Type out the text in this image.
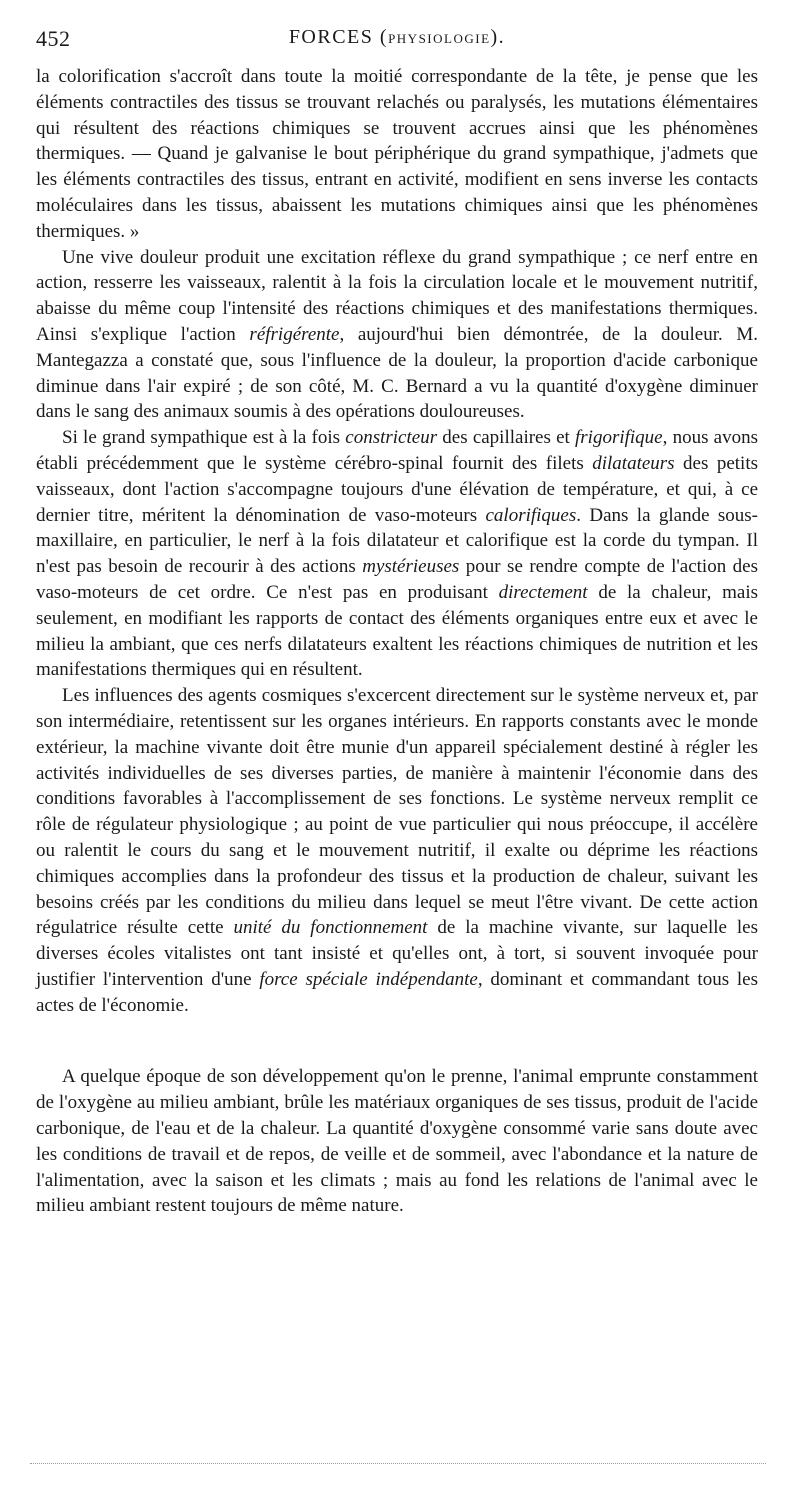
452	FORCES (PHYSIOLOGIE).

la colorification s'accroît dans toute la moitié correspondante de la tête, je pense que les éléments contractiles des tissus se trouvant relachés ou paralysés, les mutations élémentaires qui résultent des réactions chimiques se trouvent accrues ainsi que les phénomènes thermiques. — Quand je galvanise le bout périphérique du grand sympathique, j'admets que les éléments contractiles des tissus, entrant en activité, modifient en sens inverse les contacts moléculaires dans les tissus, abaissent les mutations chimiques ainsi que les phénomènes thermiques. »

Une vive douleur produit une excitation réflexe du grand sympathique ; ce nerf entre en action, resserre les vaisseaux, ralentit à la fois la circulation locale et le mouvement nutritif, abaisse du même coup l'intensité des réactions chimiques et des manifestations thermiques. Ainsi s'explique l'action réfrigérente, aujourd'hui bien démontrée, de la douleur. M. Mantegazza a constaté que, sous l'influence de la douleur, la proportion d'acide carbonique diminue dans l'air expiré ; de son côté, M. C. Bernard a vu la quantité d'oxygène diminuer dans le sang des animaux soumis à des opérations douloureuses.

Si le grand sympathique est à la fois constricteur des capillaires et frigorifique, nous avons établi précédemment que le système cérébro-spinal fournit des filets dilatateurs des petits vaisseaux, dont l'action s'accompagne toujours d'une élévation de température, et qui, à ce dernier titre, méritent la dénomination de vaso-moteurs calorifiques. Dans la glande sous-maxillaire, en particulier, le nerf à la fois dilatateur et calorifique est la corde du tympan. Il n'est pas besoin de recourir à des actions mystérieuses pour se rendre compte de l'action des vaso-moteurs de cet ordre. Ce n'est pas en produisant directement de la chaleur, mais seulement, en modifiant les rapports de contact des éléments organiques entre eux et avec le milieu la ambiant, que ces nerfs dilatateurs exaltent les réactions chimiques de nutrition et les manifestations thermiques qui en résultent.

Les influences des agents cosmiques s'excercent directement sur le système nerveux et, par son intermédiaire, retentissent sur les organes intérieurs. En rapports constants avec le monde extérieur, la machine vivante doit être munie d'un appareil spécialement destiné à régler les activités individuelles de ses diverses parties, de manière à maintenir l'économie dans des conditions favorables à l'accomplissement de ses fonctions. Le système nerveux remplit ce rôle de régulateur physiologique ; au point de vue particulier qui nous préoccupe, il accélère ou ralentit le cours du sang et le mouvement nutritif, il exalte ou déprime les réactions chimiques accomplies dans la profondeur des tissus et la production de chaleur, suivant les besoins créés par les conditions du milieu dans lequel se meut l'être vivant. De cette action régulatrice résulte cette unité du fonctionnement de la machine vivante, sur laquelle les diverses écoles vitalistes ont tant insisté et qu'elles ont, à tort, si souvent invoquée pour justifier l'intervention d'une force spéciale indépendante, dominant et commandant tous les actes de l'économie.

A quelque époque de son développement qu'on le prenne, l'animal emprunte constamment de l'oxygène au milieu ambiant, brûle les matériaux organiques de ses tissus, produit de l'acide carbonique, de l'eau et de la chaleur. La quantité d'oxygène consommé varie sans doute avec les conditions de travail et de repos, de veille et de sommeil, avec l'abondance et la nature de l'alimentation, avec la saison et les climats ; mais au fond les relations de l'animal avec le milieu ambiant restent toujours de même nature.
